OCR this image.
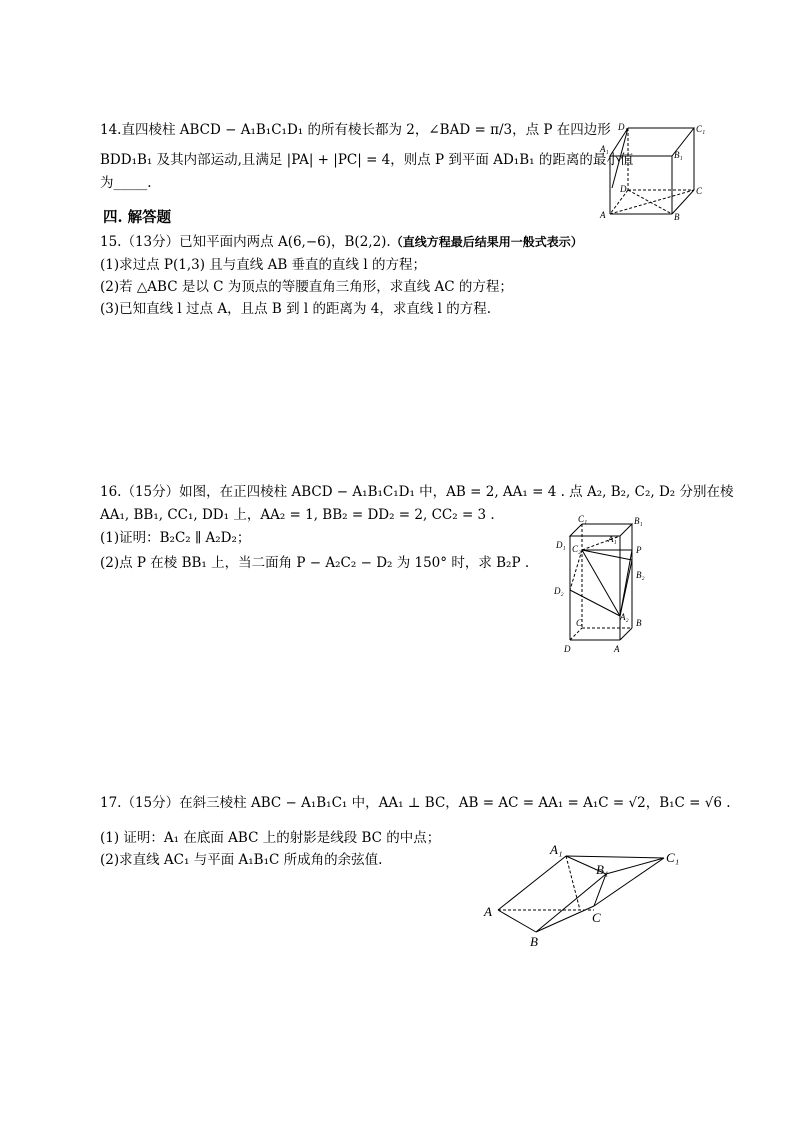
14.直四棱柱 ABCD − A₁B₁C₁D₁ 的所有棱长都为 2，∠BAD = π/3，点 P 在四边形
BDD₁B₁ 及其内部运动,且满足 |PA| + |PC| = 4，则点 P 到平面 AD₁B₁ 的距离的最小值
为_____.
D₁	C₁
A₁
B₁
D	C
A	B
四. 解答题
15.（13分）已知平面内两点 A(6,−6)，B(2,2).（直线方程最后结果用一般式表示）
(1)求过点 P(1,3) 且与直线 AB 垂直的直线 l 的方程；
(2)若 △ABC 是以 C 为顶点的等腰直角三角形，求直线 AC 的方程；
(3)已知直线 l 过点 A，且点 B 到 l 的距离为 4，求直线 l 的方程.
16.（15分）如图，在正四棱柱 ABCD − A₁B₁C₁D₁ 中，AB = 2, AA₁ = 4 . 点 A₂, B₂, C₂, D₂ 分别在棱
AA₁, BB₁, CC₁, DD₁ 上，AA₂ = 1, BB₂ = DD₂ = 2, CC₂ = 3 .
(1)证明：B₂C₂ ∥ A₂D₂；
(2)点 P 在棱 BB₁ 上，当二面角 P − A₂C₂ − D₂ 为 150° 时，求 B₂P .
C₁	B₁
D₁
A₁
C₂	P
B₂
D₂
C
A₂
B
D	A
17.（15分）在斜三棱柱 ABC − A₁B₁C₁ 中，AA₁ ⊥ BC，AB = AC = AA₁ = A₁C = √2，B₁C = √6 .
(1) 证明：A₁ 在底面 ABC 上的射影是线段 BC 的中点；
(2)求直线 AC₁ 与平面 A₁B₁C 所成角的余弦值.
A₁
C₁
B₁
A	C
B
